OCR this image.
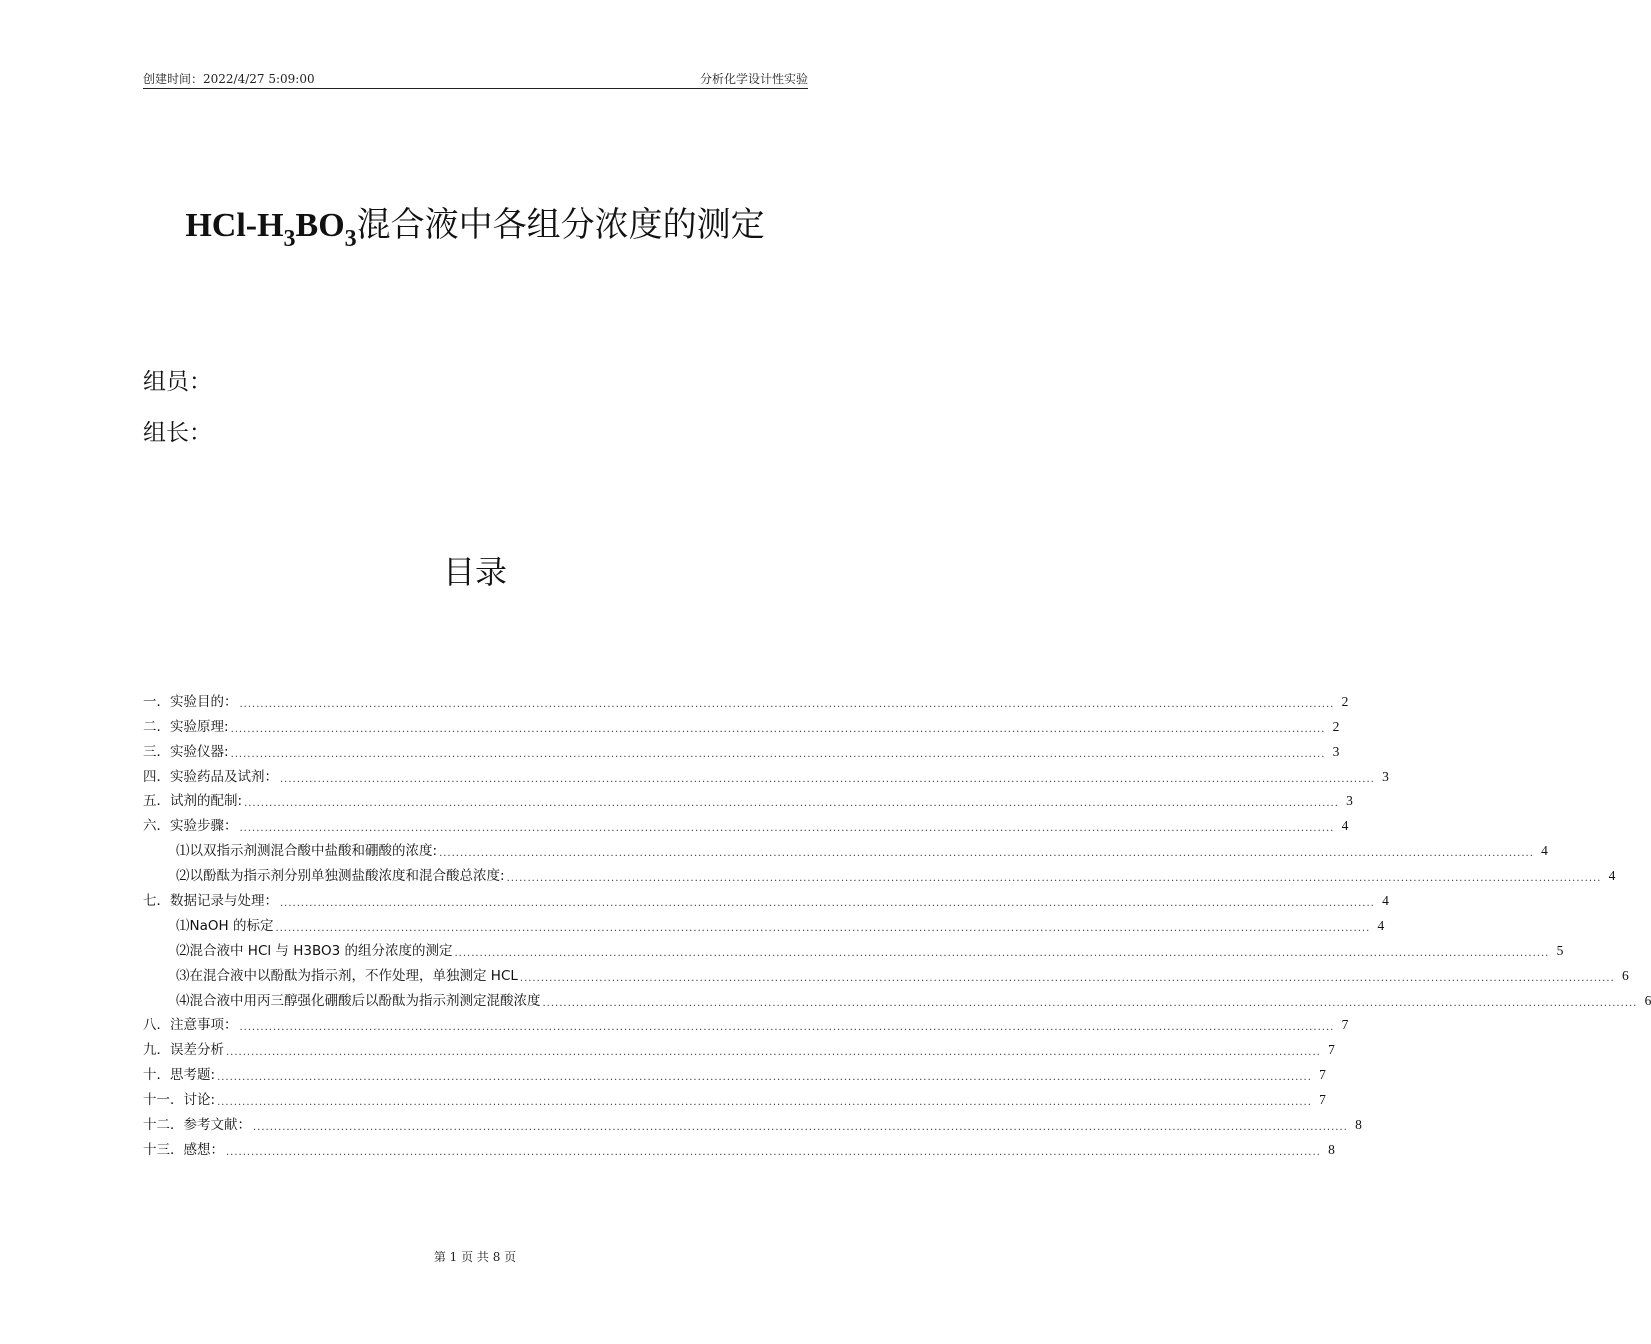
创建时间：2022/4/27 5:09:00	分析化学设计性实验
HCl-$H_3BO_3$混合液中各组分浓度的测定
组员：
组长：
目录
一．实验目的： ...................................................................................................................................................................................................................................................................... 2
二．实验原理: ...................................................................................................................................................................................................................................................................... 2
三．实验仪器: ...................................................................................................................................................................................................................................................................... 3
四．实验药品及试剂： ...................................................................................................................................................................................................................................................................... 3
五．试剂的配制: ...................................................................................................................................................................................................................................................................... 3
六．实验步骤： ...................................................................................................................................................................................................................................................................... 4
⑴以双指示剂测混合酸中盐酸和硼酸的浓度: ...................................................................................................................................................................................................................................................................... 4
⑵以酚酞为指示剂分别单独测盐酸浓度和混合酸总浓度: ...................................................................................................................................................................................................................................................................... 4
七．数据记录与处理： ...................................................................................................................................................................................................................................................................... 4
⑴NaOH 的标定 ...................................................................................................................................................................................................................................................................... 4
⑵混合液中 HCl 与 H3BO3 的组分浓度的测定 ...................................................................................................................................................................................................................................................................... 5
⑶在混合液中以酚酞为指示剂，不作处理，单独测定 HCL ...................................................................................................................................................................................................................................................................... 6
⑷混合液中用丙三醇强化硼酸后以酚酞为指示剂测定混酸浓度 ...................................................................................................................................................................................................................................................................... 6
八．注意事项： ...................................................................................................................................................................................................................................................................... 7
九．误差分析 ...................................................................................................................................................................................................................................................................... 7
十．思考题: ...................................................................................................................................................................................................................................................................... 7
十一．讨论: ...................................................................................................................................................................................................................................................................... 7
十二．参考文献： ...................................................................................................................................................................................................................................................................... 8
十三．感想： ...................................................................................................................................................................................................................................................................... 8
第 1 页 共 8 页
